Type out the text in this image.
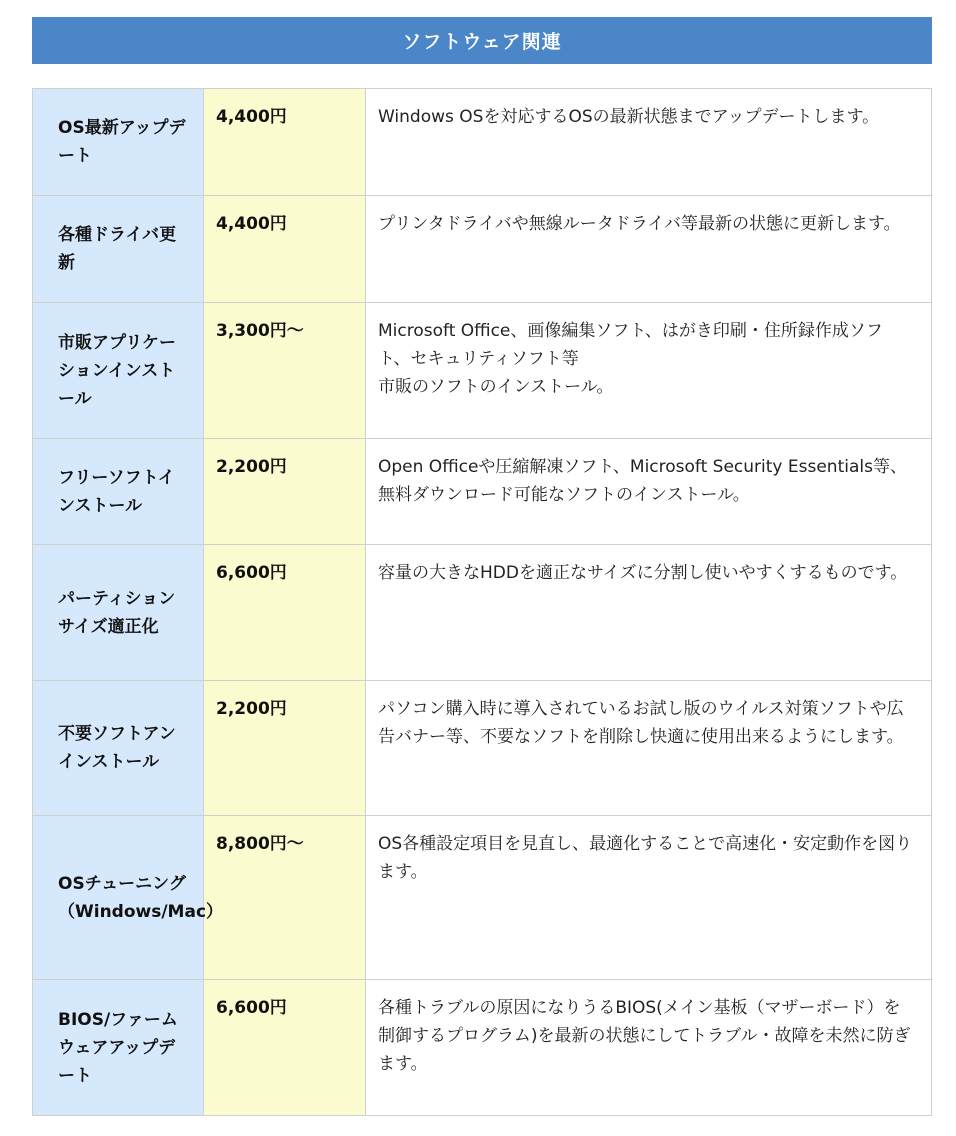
ソフトウェア関連
OS最新アップデート	4,400円	Windows OSを対応するOSの最新状態までアップデートします。
各種ドライバ更新	4,400円	プリンタドライバや無線ルータドライバ等最新の状態に更新します。
市販アプリケーションインストール	3,300円〜	Microsoft Office、画像編集ソフト、はがき印刷・住所録作成ソフト、セキュリティソフト等
市販のソフトのインストール。
フリーソフトインストール	2,200円	Open Officeや圧縮解凍ソフト、Microsoft Security Essentials等、無料ダウンロード可能なソフトのインストール。
パーティションサイズ適正化	6,600円	容量の大きなHDDを適正なサイズに分割し使いやすくするものです。
不要ソフトアンインストール	2,200円	パソコン購入時に導入されているお試し版のウイルス対策ソフトや広告バナー等、不要なソフトを削除し快適に使用出来るようにします。
OSチューニング（Windows/Mac）	8,800円〜	OS各種設定項目を見直し、最適化することで高速化・安定動作を図ります。
BIOS/ファームウェアアップデート	6,600円	各種トラブルの原因になりうるBIOS(メイン基板（マザーボード）を制御するプログラム)を最新の状態にしてトラブル・故障を未然に防ぎます。
